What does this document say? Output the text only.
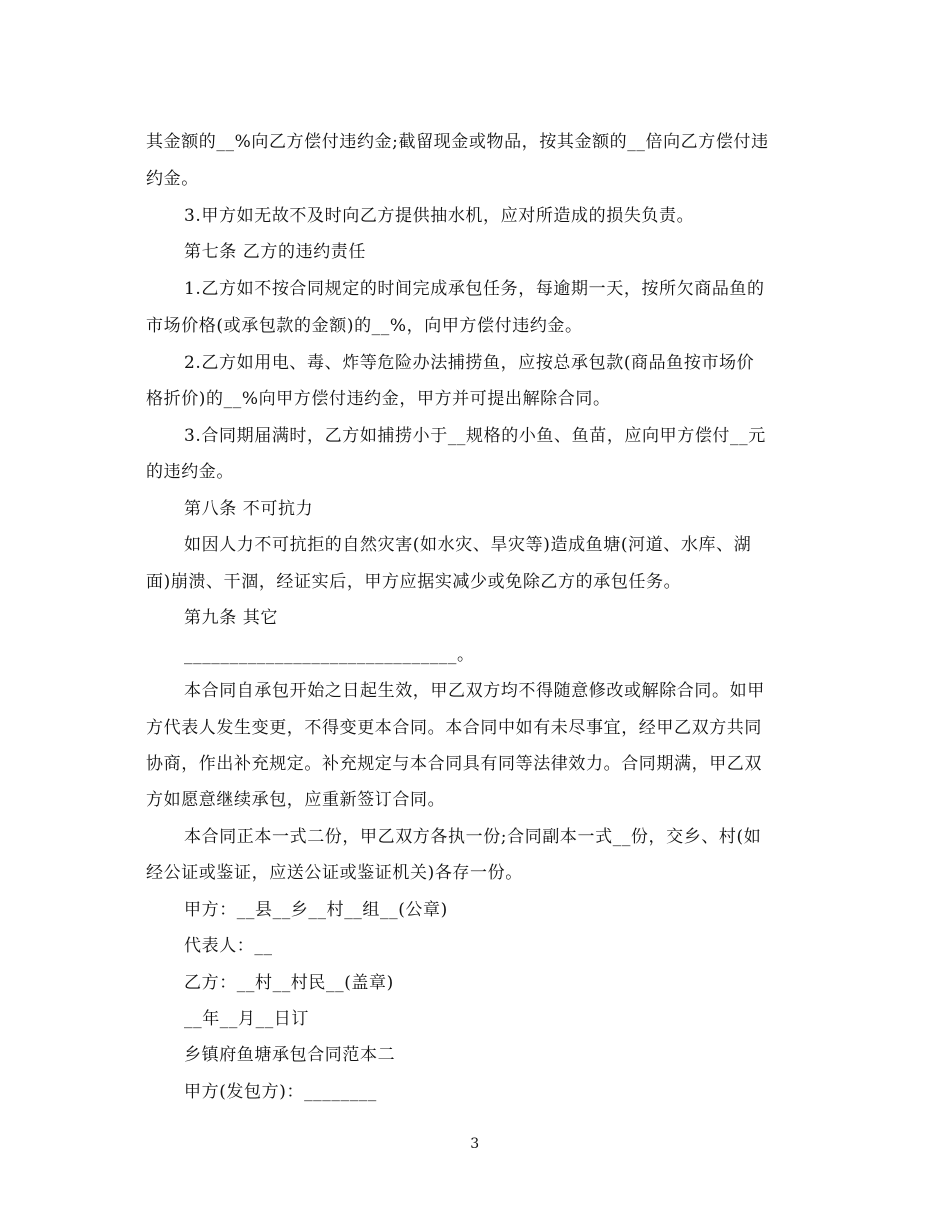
其金额的__%向乙方偿付违约金;截留现金或物品，按其金额的__倍向乙方偿付违
约金。
3.甲方如无故不及时向乙方提供抽水机，应对所造成的损失负责。
第七条 乙方的违约责任
1.乙方如不按合同规定的时间完成承包任务，每逾期一天，按所欠商品鱼的
市场价格(或承包款的金额)的__%，向甲方偿付违约金。
2.乙方如用电、毒、炸等危险办法捕捞鱼，应按总承包款(商品鱼按市场价
格折价)的__%向甲方偿付违约金，甲方并可提出解除合同。
3.合同期届满时，乙方如捕捞小于__规格的小鱼、鱼苗，应向甲方偿付__元
的违约金。
第八条 不可抗力
如因人力不可抗拒的自然灾害(如水灾、旱灾等)造成鱼塘(河道、水库、湖
面)崩溃、干涸，经证实后，甲方应据实减少或免除乙方的承包任务。
第九条 其它
______________________________。
本合同自承包开始之日起生效，甲乙双方均不得随意修改或解除合同。如甲
方代表人发生变更，不得变更本合同。本合同中如有未尽事宜，经甲乙双方共同
协商，作出补充规定。补充规定与本合同具有同等法律效力。合同期满，甲乙双
方如愿意继续承包，应重新签订合同。
本合同正本一式二份，甲乙双方各执一份;合同副本一式__份，交乡、村(如
经公证或鉴证，应送公证或鉴证机关)各存一份。
甲方：__县__乡__村__组__(公章)
代表人：__
乙方：__村__村民__(盖章)
__年__月__日订
乡镇府鱼塘承包合同范本二
甲方(发包方)：________
3
